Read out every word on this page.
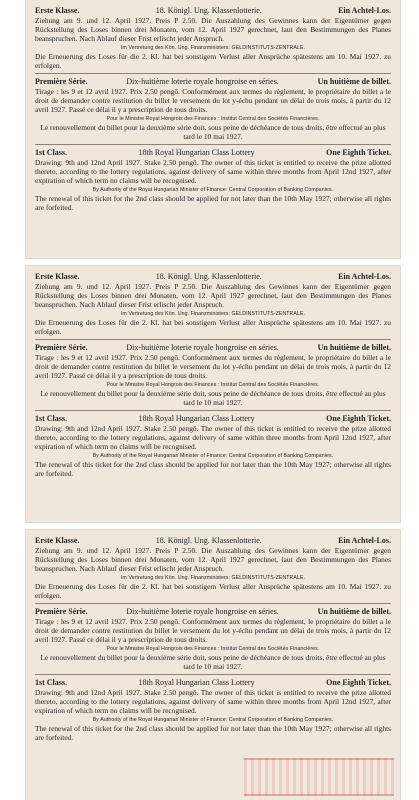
Erste Klasse.	18. Königl. Ung. Klassenlotterie.	Ein Achtel-Los.
Ziehung am 9. und 12. April 1927. Preis P 2.50. Die Auszahlung des Gewinnes kann der Eigentümer gegen Rückstellung des Loses binnen drei Monaten, vom 12. April 1927 gerechnet, laut den Bestimmungen des Planes beanspruchen. Nach Ablauf dieser Frist erlischt jeder Anspruch.
Im Vertretung des Kön. Ung. Finanzministers: GELDINSTITUTS-ZENTRALE.
Die Erneuerung des Loses für die 2. Kl. hat bei sonstigem Verlust aller Ansprüche spätestens am 10. Mai 1927. zu erfolgen.
Première Série.	Dix-huitième loterie royale hongroise en séries.	Un huitième de billet.
Tirage : les 9 et 12 avril 1927. Prix 2.50 pengő. Conformément aux termes du règlement, le propriétaire du billet a le droit de demander contre restitution du billet le versement du lot y-échu pendant un délai de trois mois, à partir du 12 avril 1927. Passé ce délai il y a prescription de tous droits.
Pour le Ministre Royal Hongrois des Finances : Institut Central des Sociétés Financières.
Le renouvellement du billet pour la deuxième série doit, sous peine de déchéance de tous droits, être effectué au plus tard le 10 mai 1927.
1st Class.	18th Royal Hungarian Class Lottery	One Eighth Ticket.
Drawing: 9th and 12nd April 1927. Stake 2.50 pengő. The owner of this ticket is entitled to receive the prize allotted thereto, according to the lottery regulations, against delivery of same within three months from April 12nd 1927, after expiration of which term no claims will be recognised.
By Authority of the Royal Hungarian Minister of Finance: Central Corporation of Banking Companies.
The renewal of this ticket for the 2nd class should be applied for not later than the 10th May 1927; otherwise all rights are forfeited.
Erste Klasse.	18. Königl. Ung. Klassenlotterie.	Ein Achtel-Los.
Ziehung am 9. und 12. April 1927. Preis P 2.50. Die Auszahlung des Gewinnes kann der Eigentümer gegen Rückstellung des Loses binnen drei Monaten, vom 12. April 1927 gerechnet, laut den Bestimmungen des Planes beanspruchen. Nach Ablauf dieser Frist erlischt jeder Anspruch.
Im Vertretung des Kön. Ung. Finanzministers: GELDINSTITUTS-ZENTRALE.
Die Erneuerung des Loses für die 2. Kl. hat bei sonstigem Verlust aller Ansprüche spätestens am 10. Mai 1927. zu erfolgen.
Première Série.	Dix-huitième loterie royale hongroise en séries.	Un huitième de billet.
Tirage : les 9 et 12 avril 1927. Prix 2.50 pengő. Conformément aux termes du règlement, le propriétaire du billet a le droit de demander contre restitution du billet le versement du lot y-échu pendant un délai de trois mois, à partir du 12 avril 1927. Passé ce délai il y a prescription de tous droits.
Pour le Ministre Royal Hongrois des Finances : Institut Central des Sociétés Financières.
Le renouvellement du billet pour la deuxième série doit, sous peine de déchéance de tous droits, être effectué au plus tard le 10 mai 1927.
1st Class.	18th Royal Hungarian Class Lottery	One Eighth Ticket.
Drawing: 9th and 12nd April 1927. Stake 2.50 pengő. The owner of this ticket is entitled to receive the prize allotted thereto, according to the lottery regulations, against delivery of same within three months from April 12nd 1927, after expiration of which term no claims will be recognised.
By Authority of the Royal Hungarian Minister of Finance: Central Corporation of Banking Companies.
The renewal of this ticket for the 2nd class should be applied for not later than the 10th May 1927; otherwise all rights are forfeited.
Erste Klasse.	18. Königl. Ung. Klassenlotterie.	Ein Achtel-Los.
Ziehung am 9. und 12. April 1927. Preis P 2.50. Die Auszahlung des Gewinnes kann der Eigentümer gegen Rückstellung des Loses binnen drei Monaten, vom 12. April 1927 gerechnet, laut den Bestimmungen des Planes beanspruchen. Nach Ablauf dieser Frist erlischt jeder Anspruch.
Im Vertretung des Kön. Ung. Finanzministers: GELDINSTITUTS-ZENTRALE.
Die Erneuerung des Loses für die 2. Kl. hat bei sonstigem Verlust aller Ansprüche spätestens am 10. Mai 1927. zu erfolgen.
Première Série.	Dix-huitième loterie royale hongroise en séries.	Un huitième de billet.
Tirage : les 9 et 12 avril 1927. Prix 2.50 pengő. Conformément aux termes du règlement, le propriétaire du billet a le droit de demander contre restitution du billet le versement du lot y-échu pendant un délai de trois mois, à partir du 12 avril 1927. Passé ce délai il y a prescription de tous droits.
Pour le Ministre Royal Hongrois des Finances : Institut Central des Sociétés Financières.
Le renouvellement du billet pour la deuxième série doit, sous peine de déchéance de tous droits, être effectué au plus tard le 10 mai 1927.
1st Class.	18th Royal Hungarian Class Lottery	One Eighth Ticket.
Drawing: 9th and 12nd April 1927. Stake 2.50 pengő. The owner of this ticket is entitled to receive the prize allotted thereto, according to the lottery regulations, against delivery of same within three months from April 12nd 1927, after expiration of which term no claims will be recognised.
By Authority of the Royal Hungarian Minister of Finance: Central Corporation of Banking Companies.
The renewal of this ticket for the 2nd class should be applied for not later than the 10th May 1927; otherwise all rights are forfeited.
